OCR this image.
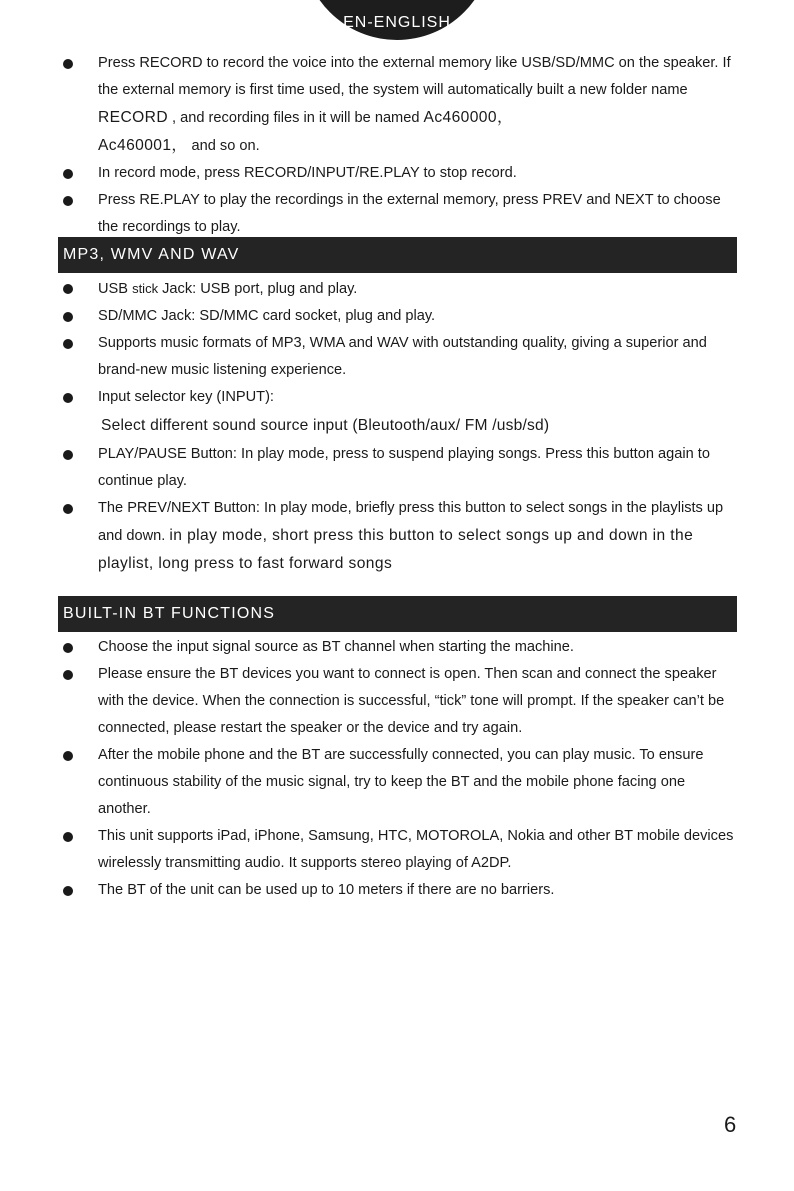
EN-ENGLISH
Press RECORD to record the voice into the external memory like USB/SD/MMC on the speaker. If the external memory is first time used, the system will automatically built a new folder name RECORD , and recording files in it will be named Ac460000，
Ac460001， and so on.
In record mode, press RECORD/INPUT/RE.PLAY to stop record.
Press RE.PLAY to play the recordings in the external memory, press PREV and NEXT to choose the recordings to play.
MP3, WMV AND WAV
USB stick Jack: USB port, plug and play.
SD/MMC Jack: SD/MMC card socket, plug and play.
Supports music formats of MP3, WMA and WAV with outstanding quality, giving a superior and brand-new music listening experience.
Input selector key (INPUT):
Select different sound source input (Bleutooth/aux/ FM /usb/sd)
PLAY/PAUSE Button: In play mode, press to suspend playing songs. Press this button again to continue play.
The PREV/NEXT Button: In play mode, briefly press this button to select songs in the playlists up and down. in play mode, short press this button to select songs up and down in the playlist, long press to fast forward songs
BUILT-IN BT FUNCTIONS
Choose the input signal source as BT channel when starting the machine.
Please ensure the BT devices you want to connect is open. Then scan and connect the speaker with the device. When the connection is successful, “tick” tone will prompt. If the speaker can’t be connected, please restart the speaker or the device and try again.
After the mobile phone and the BT are successfully connected, you can play music. To ensure continuous stability of the music signal, try to keep the BT and the mobile phone facing one another.
This unit supports iPad, iPhone, Samsung, HTC, MOTOROLA, Nokia and other BT mobile devices wirelessly transmitting audio. It supports stereo playing of A2DP.
The BT of the unit can be used up to 10 meters if there are no barriers.
6
